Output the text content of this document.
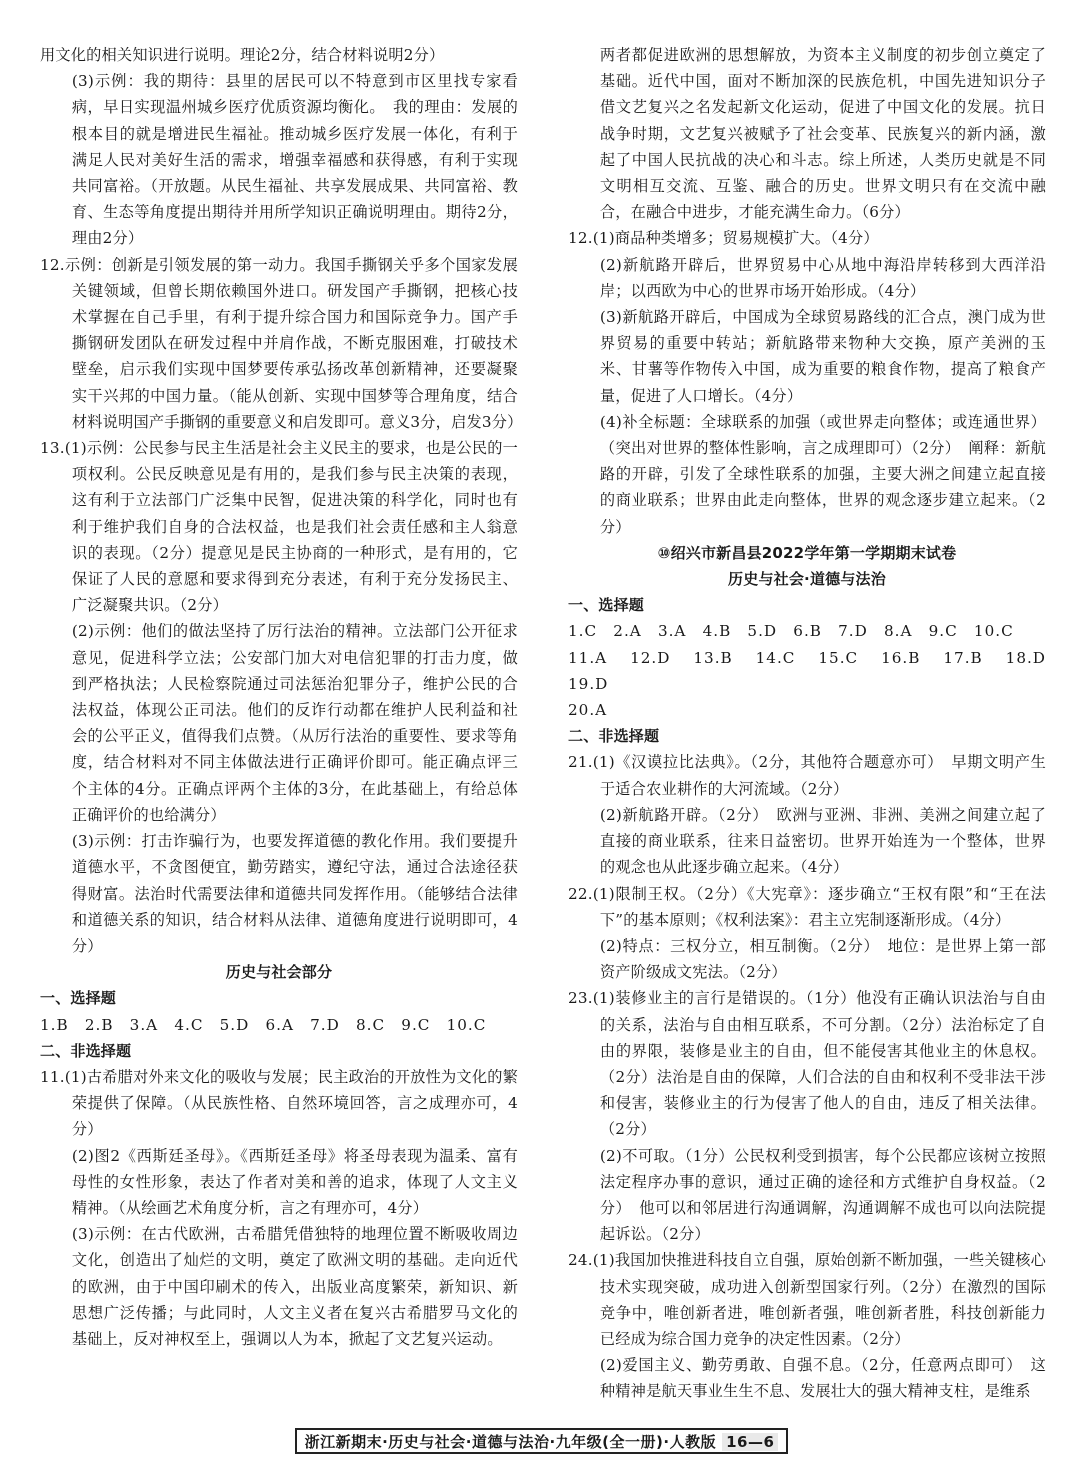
用文化的相关知识进行说明。理论2分，结合材料说明2分）

(3)示例：我的期待：县里的居民可以不特意到市区里找专家看病，早日实现温州城乡医疗优质资源均衡化。　我的理由：发展的根本目的就是增进民生福祉。推动城乡医疗发展一体化，有利于满足人民对美好生活的需求，增强幸福感和获得感，有利于实现共同富裕。（开放题。从民生福祉、共享发展成果、共同富裕、教育、生态等角度提出期待并用所学知识正确说明理由。期待2分，理由2分）

12.示例：创新是引领发展的第一动力。我国手撕钢关乎多个国家发展关键领域，但曾长期依赖国外进口。研发国产手撕钢，把核心技术掌握在自己手里，有利于提升综合国力和国际竞争力。国产手撕钢研发团队在研发过程中并肩作战，不断克服困难，打破技术壁垒，启示我们实现中国梦要传承弘扬改革创新精神，还要凝聚实干兴邦的中国力量。（能从创新、实现中国梦等合理角度，结合材料说明国产手撕钢的重要意义和启发即可。意义3分，启发3分）

13.(1)示例：公民参与民主生活是社会主义民主的要求，也是公民的一项权利。公民反映意见是有用的，是我们参与民主决策的表现，这有利于立法部门广泛集中民智，促进决策的科学化，同时也有利于维护我们自身的合法权益，也是我们社会责任感和主人翁意识的表现。（2分）提意见是民主协商的一种形式，是有用的，它保证了人民的意愿和要求得到充分表述，有利于充分发扬民主、广泛凝聚共识。（2分）

(2)示例：他们的做法坚持了厉行法治的精神。立法部门公开征求意见，促进科学立法；公安部门加大对电信犯罪的打击力度，做到严格执法；人民检察院通过司法惩治犯罪分子，维护公民的合法权益，体现公正司法。他们的反诈行动都在维护人民利益和社会的公平正义，值得我们点赞。（从厉行法治的重要性、要求等角度，结合材料对不同主体做法进行正确评价即可。能正确点评三个主体的4分。正确点评两个主体的3分，在此基础上，有给总体正确评价的也给满分）

(3)示例：打击诈骗行为，也要发挥道德的教化作用。我们要提升道德水平，不贪图便宜，勤劳踏实，遵纪守法，通过合法途径获得财富。法治时代需要法律和道德共同发挥作用。（能够结合法律和道德关系的知识，结合材料从法律、道德角度进行说明即可，4分）

历史与社会部分

一、选择题

1.B　2.B　3.A　4.C　5.D　6.A　7.D　8.C　9.C　10.C

二、非选择题

11.(1)古希腊对外来文化的吸收与发展；民主政治的开放性为文化的繁荣提供了保障。（从民族性格、自然环境回答，言之成理亦可，4分）

(2)图2《西斯廷圣母》。《西斯廷圣母》将圣母表现为温柔、富有母性的女性形象，表达了作者对美和善的追求，体现了人文主义精神。（从绘画艺术角度分析，言之有理亦可，4分）

(3)示例：在古代欧洲，古希腊凭借独特的地理位置不断吸收周边文化，创造出了灿烂的文明，奠定了欧洲文明的基础。走向近代的欧洲，由于中国印刷术的传入，出版业高度繁荣，新知识、新思想广泛传播；与此同时，人文主义者在复兴古希腊罗马文化的基础上，反对神权至上，强调以人为本，掀起了文艺复兴运动。

两者都促进欧洲的思想解放，为资本主义制度的初步创立奠定了基础。近代中国，面对不断加深的民族危机，中国先进知识分子借文艺复兴之名发起新文化运动，促进了中国文化的发展。抗日战争时期，文艺复兴被赋予了社会变革、民族复兴的新内涵，激起了中国人民抗战的决心和斗志。综上所述，人类历史就是不同文明相互交流、互鉴、融合的历史。世界文明只有在交流中融合，在融合中进步，才能充满生命力。（6分）

12.(1)商品种类增多；贸易规模扩大。（4分）

(2)新航路开辟后，世界贸易中心从地中海沿岸转移到大西洋沿岸；以西欧为中心的世界市场开始形成。（4分）

(3)新航路开辟后，中国成为全球贸易路线的汇合点，澳门成为世界贸易的重要中转站；新航路带来物种大交换，原产美洲的玉米、甘薯等作物传入中国，成为重要的粮食作物，提高了粮食产量，促进了人口增长。（4分）

(4)补全标题：全球联系的加强（或世界走向整体；或连通世界）（突出对世界的整体性影响，言之成理即可）（2分）　阐释：新航路的开辟，引发了全球性联系的加强，主要大洲之间建立起直接的商业联系；世界由此走向整体，世界的观念逐步建立起来。（2分）

⑩绍兴市新昌县2022学年第一学期期末试卷

历史与社会·道德与法治

一、选择题

1.C　2.A　3.A　4.B　5.D　6.B　7.D　8.A　9.C　10.C

11.A　12.D　13.B　14.C　15.C　16.B　17.B　18.D　19.D

20.A

二、非选择题

21.(1)《汉谟拉比法典》。（2分，其他符合题意亦可）　早期文明产生于适合农业耕作的大河流域。（2分）

(2)新航路开辟。（2分）　欧洲与亚洲、非洲、美洲之间建立起了直接的商业联系，往来日益密切。世界开始连为一个整体，世界的观念也从此逐步确立起来。（4分）

22.(1)限制王权。（2分）《大宪章》：逐步确立“王权有限”和“王在法下”的基本原则；《权利法案》：君主立宪制逐渐形成。（4分）

(2)特点：三权分立，相互制衡。（2分）　地位：是世界上第一部资产阶级成文宪法。（2分）

23.(1)装修业主的言行是错误的。（1分）他没有正确认识法治与自由的关系，法治与自由相互联系，不可分割。（2分）法治标定了自由的界限，装修是业主的自由，但不能侵害其他业主的休息权。（2分）法治是自由的保障，人们合法的自由和权利不受非法干涉和侵害，装修业主的行为侵害了他人的自由，违反了相关法律。（2分）

(2)不可取。（1分）公民权利受到损害，每个公民都应该树立按照法定程序办事的意识，通过正确的途径和方式维护自身权益。（2分）　他可以和邻居进行沟通调解，沟通调解不成也可以向法院提起诉讼。（2分）

24.(1)我国加快推进科技自立自强，原始创新不断加强，一些关键核心技术实现突破，成功进入创新型国家行列。（2分）在激烈的国际竞争中，唯创新者进，唯创新者强，唯创新者胜，科技创新能力已经成为综合国力竞争的决定性因素。（2分）

(2)爱国主义、勤劳勇敢、自强不息。（2分，任意两点即可）　这种精神是航天事业生生不息、发展壮大的强大精神支柱，是维系

浙江新期末·历史与社会·道德与法治·九年级(全一册)·人教版 16—6
